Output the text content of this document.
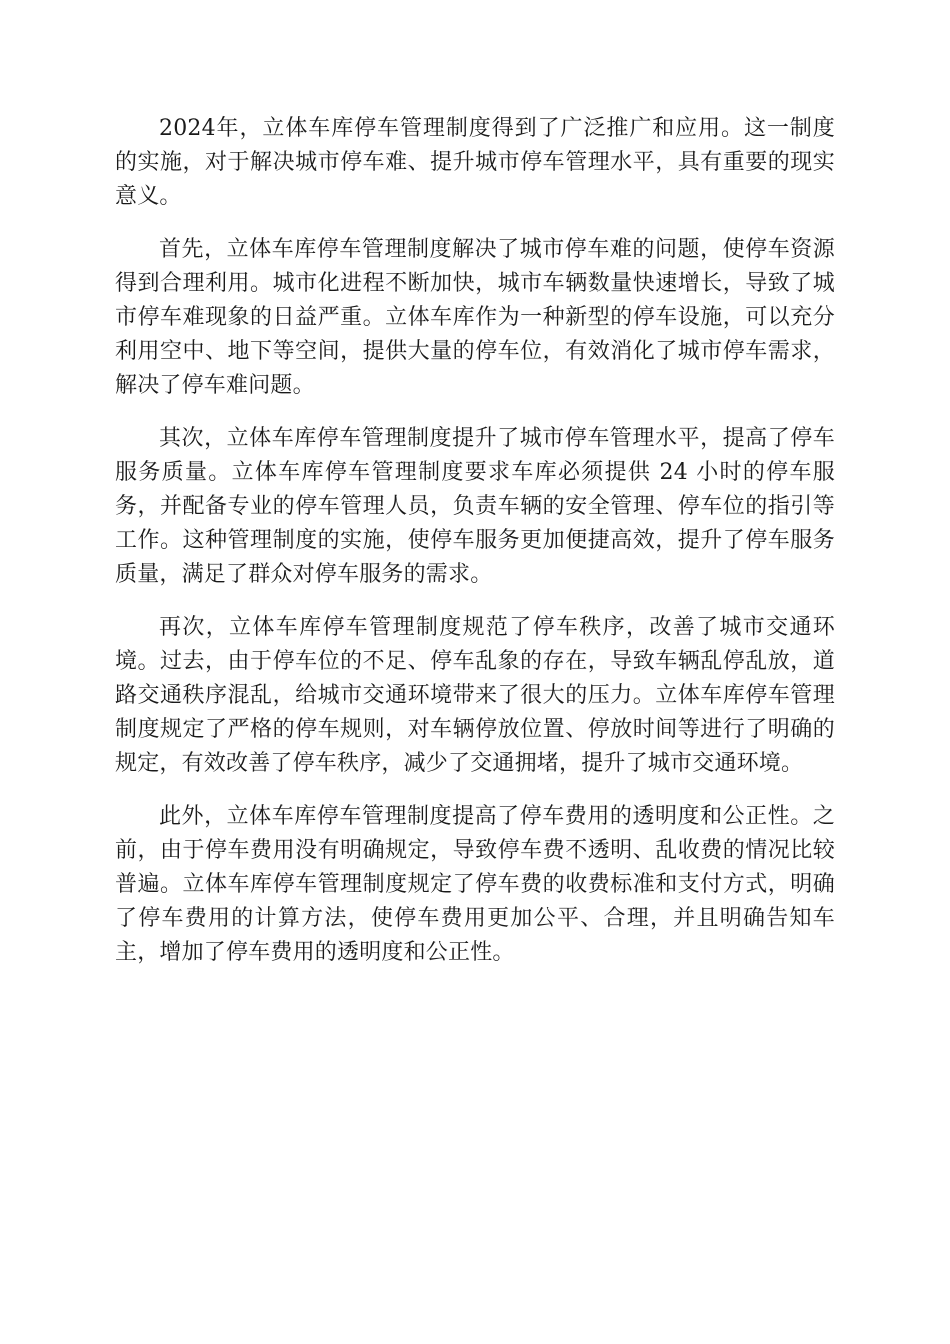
2024年，立体车库停车管理制度得到了广泛推广和应用。这一制度的实施，对于解决城市停车难、提升城市停车管理水平，具有重要的现实意义。

首先，立体车库停车管理制度解决了城市停车难的问题，使停车资源得到合理利用。城市化进程不断加快，城市车辆数量快速增长，导致了城市停车难现象的日益严重。立体车库作为一种新型的停车设施，可以充分利用空中、地下等空间，提供大量的停车位，有效消化了城市停车需求，解决了停车难问题。

其次，立体车库停车管理制度提升了城市停车管理水平，提高了停车服务质量。立体车库停车管理制度要求车库必须提供 24 小时的停车服务，并配备专业的停车管理人员，负责车辆的安全管理、停车位的指引等工作。这种管理制度的实施，使停车服务更加便捷高效，提升了停车服务质量，满足了群众对停车服务的需求。

再次，立体车库停车管理制度规范了停车秩序，改善了城市交通环境。过去，由于停车位的不足、停车乱象的存在，导致车辆乱停乱放，道路交通秩序混乱，给城市交通环境带来了很大的压力。立体车库停车管理制度规定了严格的停车规则，对车辆停放位置、停放时间等进行了明确的规定，有效改善了停车秩序，减少了交通拥堵，提升了城市交通环境。

此外，立体车库停车管理制度提高了停车费用的透明度和公正性。之前，由于停车费用没有明确规定，导致停车费不透明、乱收费的情况比较普遍。立体车库停车管理制度规定了停车费的收费标准和支付方式，明确了停车费用的计算方法，使停车费用更加公平、合理，并且明确告知车主，增加了停车费用的透明度和公正性。
